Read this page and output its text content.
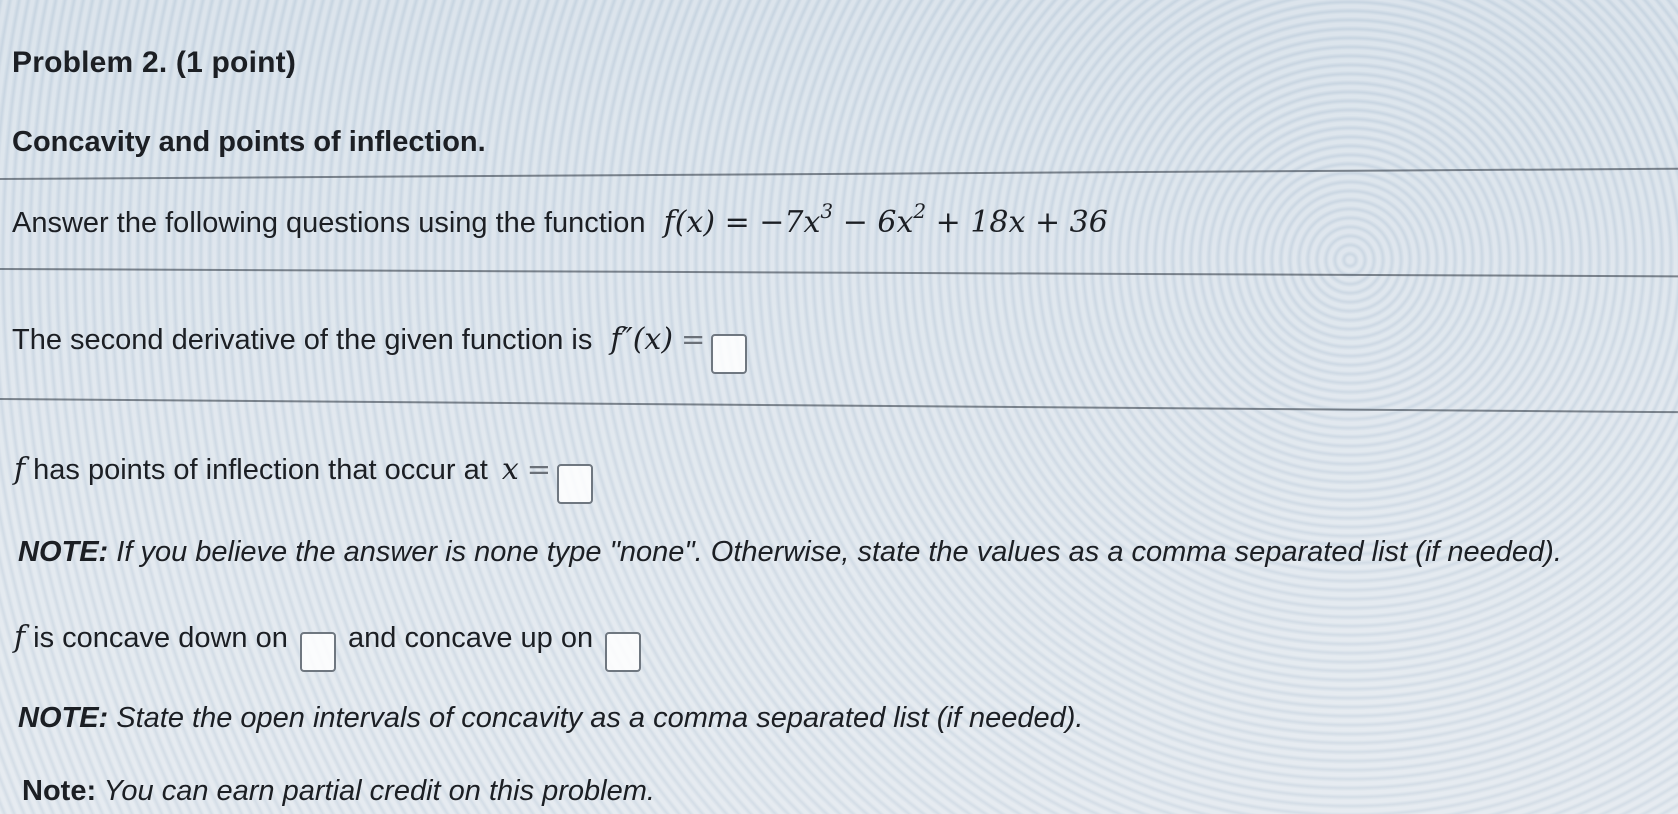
Problem 2. (1 point)
Concavity and points of inflection.
Answer the following questions using the function $f(x) = -7x^3 - 6x^2 + 18x + 36$
The second derivative of the given function is f″(x) =
f has points of inflection that occur at x =
NOTE: If you believe the answer is none type "none". Otherwise, state the values as a comma separated list (if needed).
f is concave down on and concave up on
NOTE: State the open intervals of concavity as a comma separated list (if needed).
Note: You can earn partial credit on this problem.
